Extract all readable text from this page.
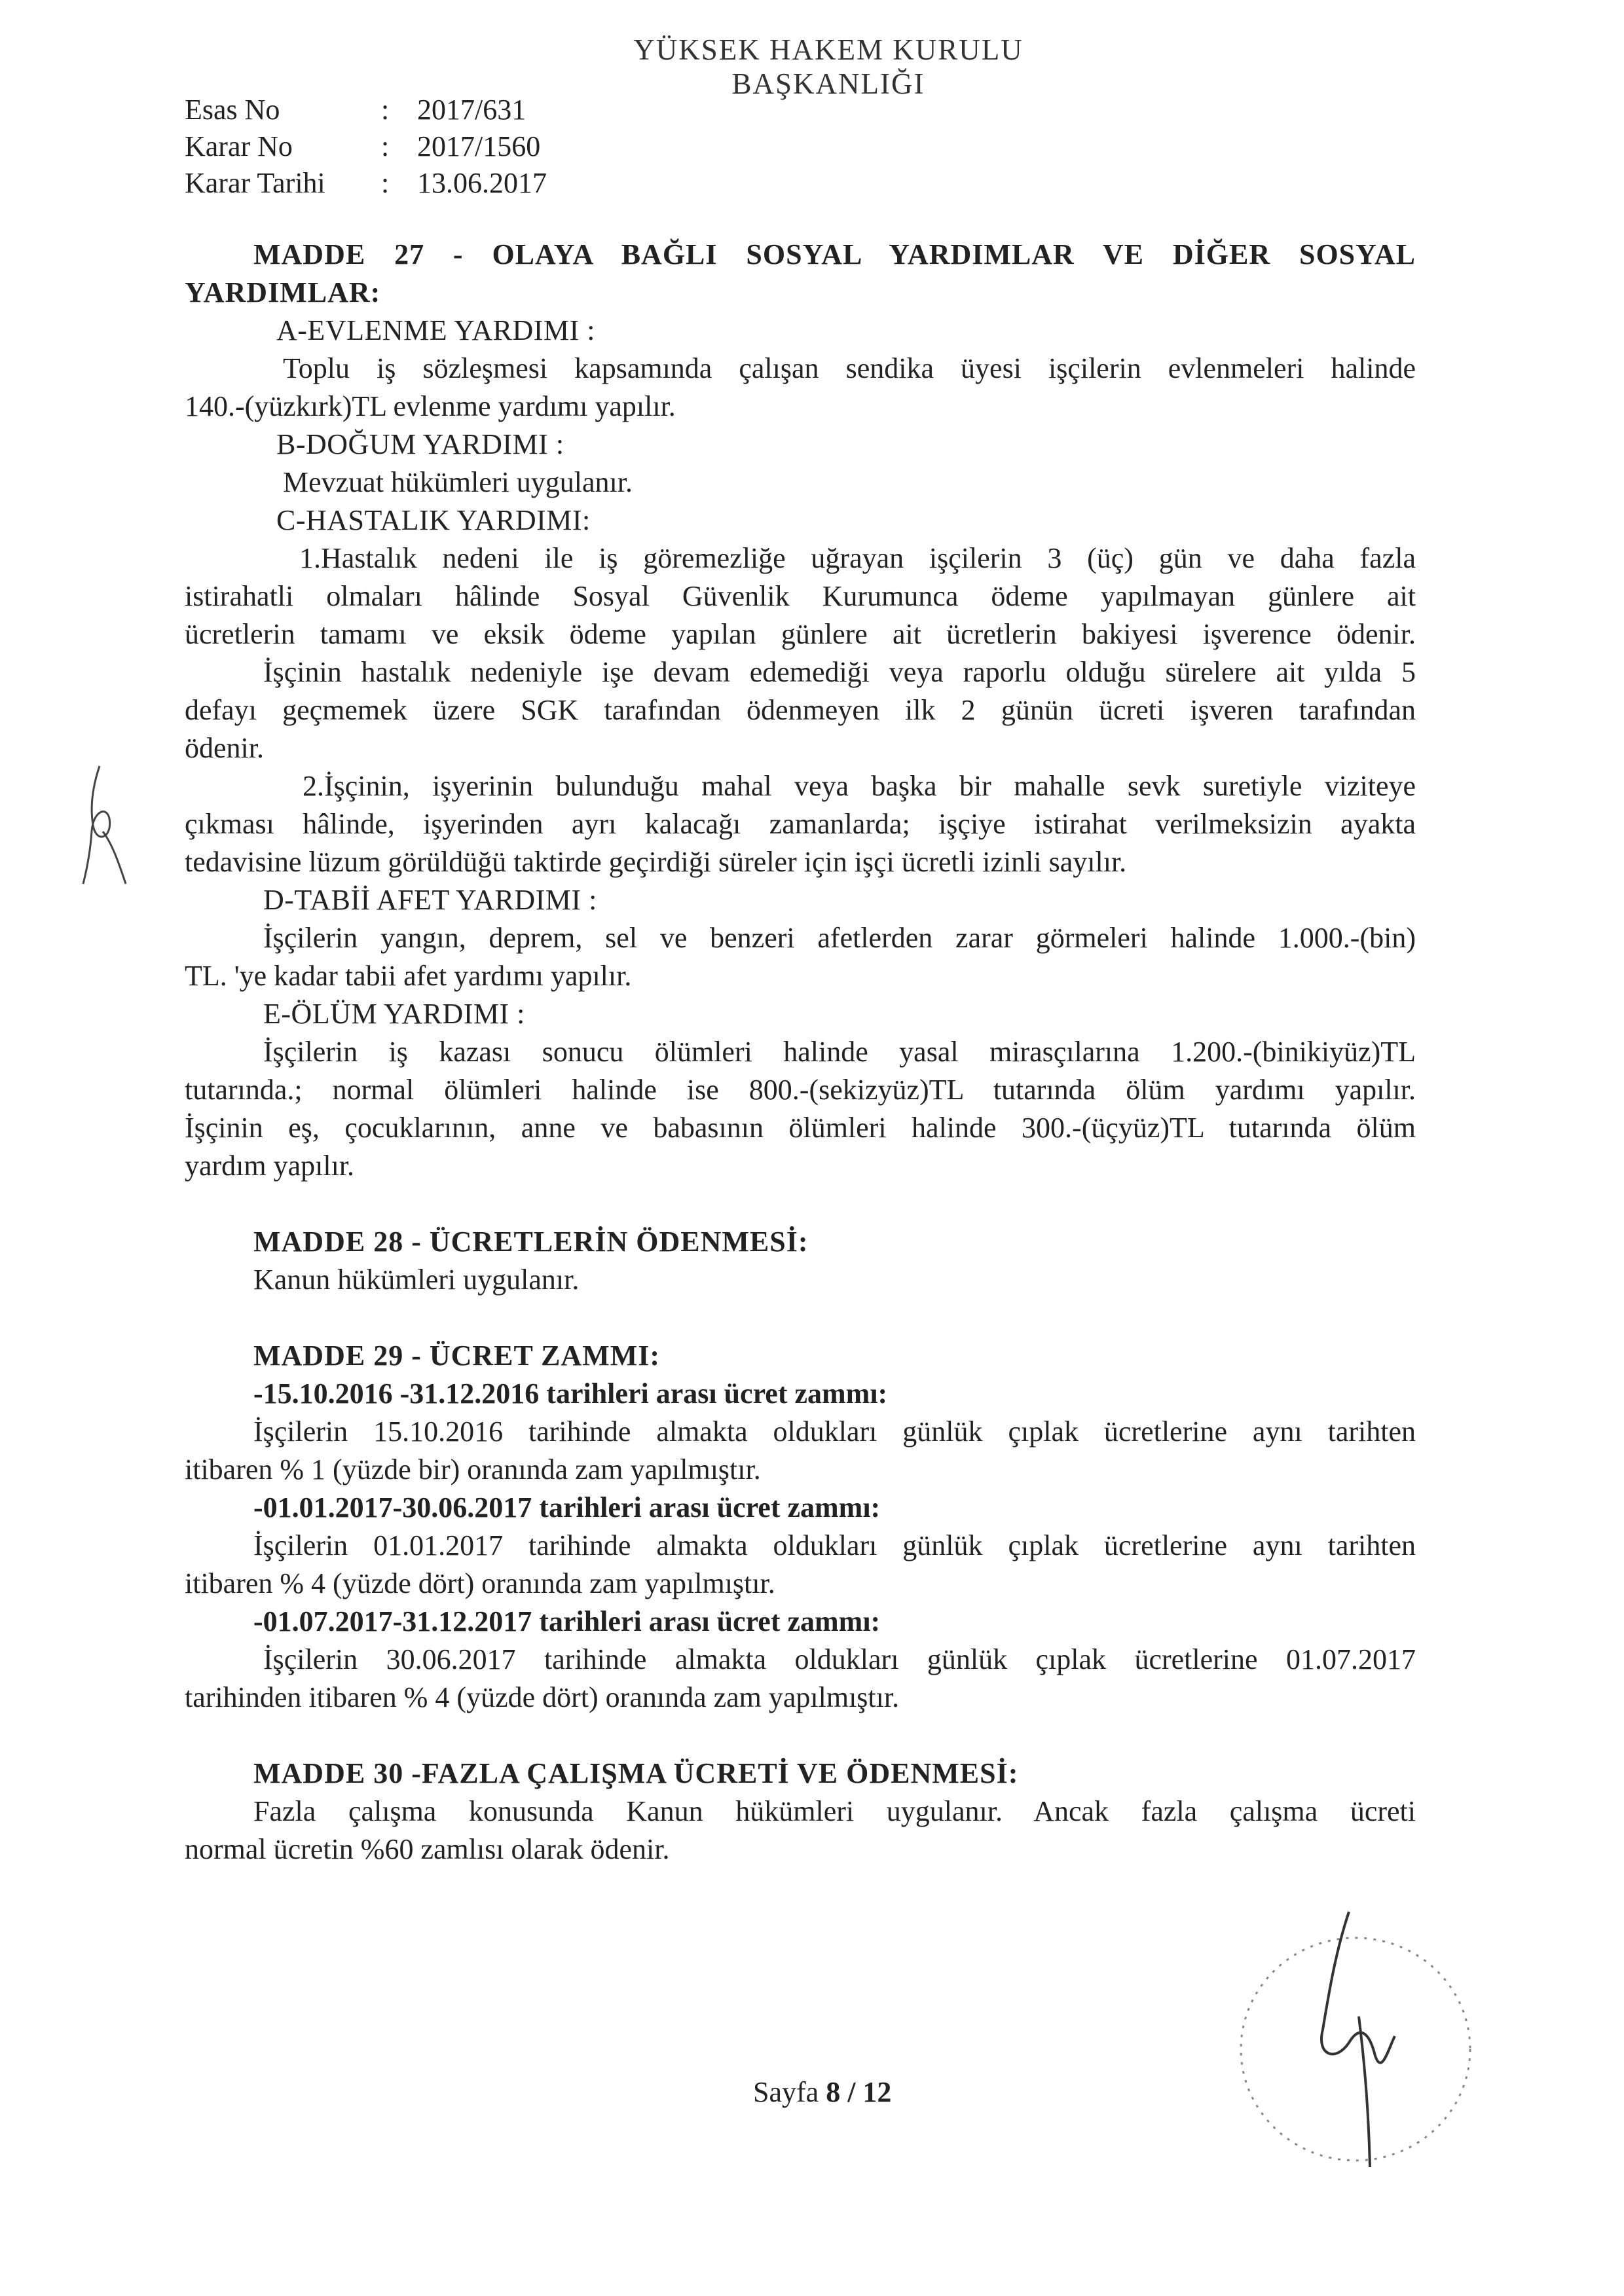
YÜKSEK HAKEM KURULU
BAŞKANLIĞI
Esas No	: 2017/631
Karar No	: 2017/1560
Karar Tarihi	: 13.06.2017

MADDE 27 - OLAYA BAĞLI SOSYAL YARDIMLAR VE DİĞER SOSYAL

YARDIMLAR:

A-EVLENME YARDIMI :

Toplu iş sözleşmesi kapsamında çalışan sendika üyesi işçilerin evlenmeleri halinde

140.-(yüzkırk)TL evlenme yardımı yapılır.

B-DOĞUM YARDIMI :

Mevzuat hükümleri uygulanır.

C-HASTALIK YARDIMI:

1.Hastalık nedeni ile iş göremezliğe uğrayan işçilerin 3 (üç) gün ve daha fazla

istirahatli olmaları hâlinde Sosyal Güvenlik Kurumunca ödeme yapılmayan günlere ait

ücretlerin tamamı ve eksik ödeme yapılan günlere ait ücretlerin bakiyesi işverence ödenir.

İşçinin hastalık nedeniyle işe devam edemediği veya raporlu olduğu sürelere ait yılda 5

defayı geçmemek üzere SGK tarafından ödenmeyen ilk 2 günün ücreti işveren tarafından

ödenir.

2.İşçinin, işyerinin bulunduğu mahal veya başka bir mahalle sevk suretiyle viziteye

çıkması hâlinde, işyerinden ayrı kalacağı zamanlarda; işçiye istirahat verilmeksizin ayakta

tedavisine lüzum görüldüğü taktirde geçirdiği süreler için işçi ücretli izinli sayılır.

D-TABİİ AFET YARDIMI :

İşçilerin yangın, deprem, sel ve benzeri afetlerden zarar görmeleri halinde 1.000.-(bin)

TL. 'ye kadar tabii afet yardımı yapılır.

E-ÖLÜM YARDIMI :

İşçilerin iş kazası sonucu ölümleri halinde yasal mirasçılarına 1.200.-(binikiyüz)TL

tutarında.; normal ölümleri halinde ise 800.-(sekizyüz)TL tutarında ölüm yardımı yapılır.

İşçinin eş, çocuklarının, anne ve babasının ölümleri halinde 300.-(üçyüz)TL tutarında ölüm

yardım yapılır.

MADDE 28 - ÜCRETLERİN ÖDENMESİ:

Kanun hükümleri uygulanır.

MADDE 29 - ÜCRET ZAMMI:

-15.10.2016 -31.12.2016 tarihleri arası ücret zammı:

İşçilerin 15.10.2016 tarihinde almakta oldukları günlük çıplak ücretlerine aynı tarihten

itibaren % 1 (yüzde bir) oranında zam yapılmıştır.

-01.01.2017-30.06.2017 tarihleri arası ücret zammı:

İşçilerin 01.01.2017 tarihinde almakta oldukları günlük çıplak ücretlerine aynı tarihten

itibaren % 4 (yüzde dört) oranında zam yapılmıştır.

-01.07.2017-31.12.2017 tarihleri arası ücret zammı:

İşçilerin 30.06.2017 tarihinde almakta oldukları günlük çıplak ücretlerine 01.07.2017

tarihinden itibaren % 4 (yüzde dört) oranında zam yapılmıştır.

MADDE 30 -FAZLA ÇALIŞMA ÜCRETİ VE ÖDENMESİ:

Fazla çalışma konusunda Kanun hükümleri uygulanır. Ancak fazla çalışma ücreti

normal ücretin %60 zamlısı olarak ödenir.

Sayfa 8 / 12
